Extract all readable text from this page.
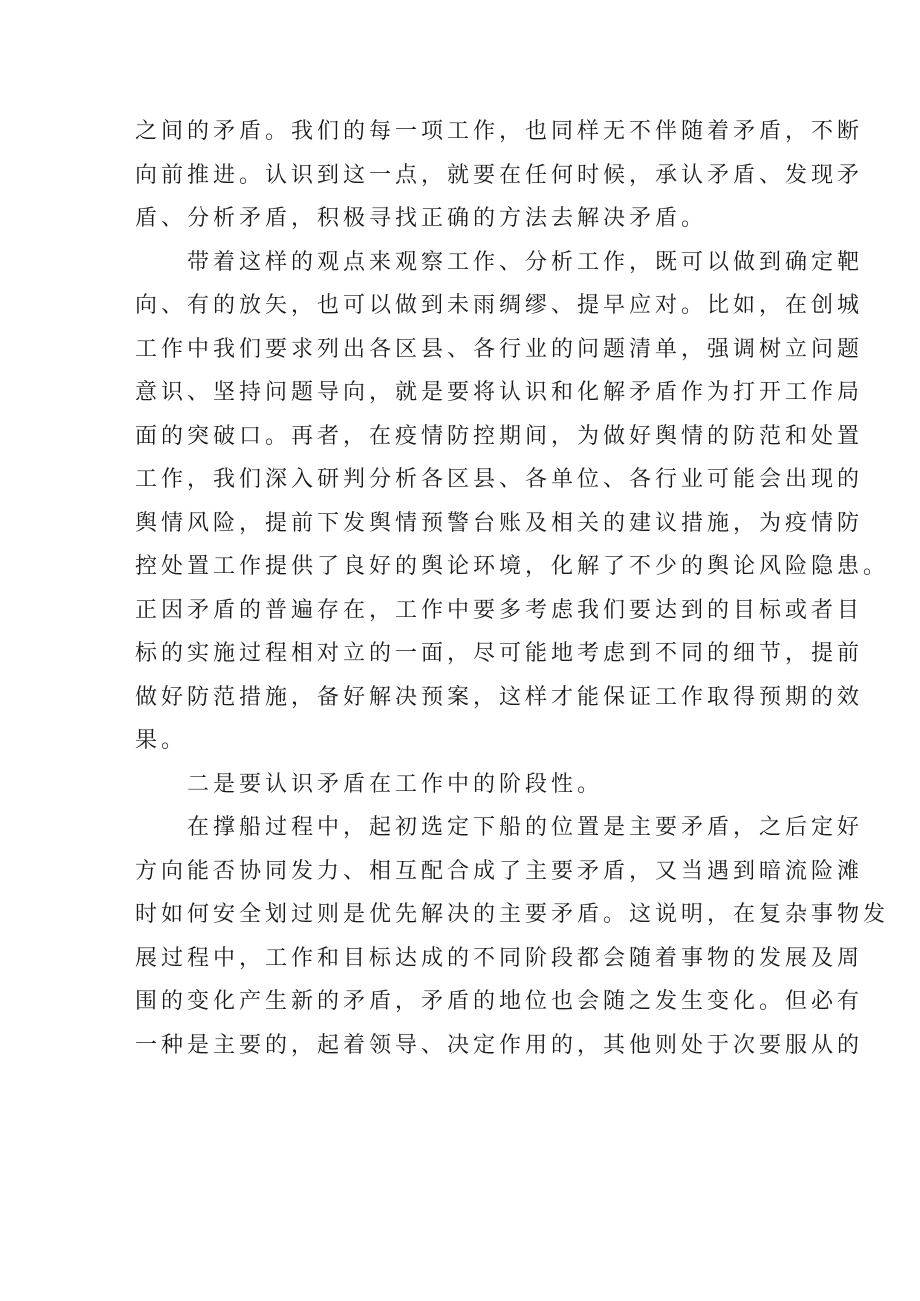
之间的矛盾。我们的每一项工作，也同样无不伴随着矛盾，不断
向前推进。认识到这一点，就要在任何时候，承认矛盾、发现矛
盾、分析矛盾，积极寻找正确的方法去解决矛盾。
　　带着这样的观点来观察工作、分析工作，既可以做到确定靶
向、有的放矢，也可以做到未雨绸缪、提早应对。比如，在创城
工作中我们要求列出各区县、各行业的问题清单，强调树立问题
意识、坚持问题导向，就是要将认识和化解矛盾作为打开工作局
面的突破口。再者，在疫情防控期间，为做好舆情的防范和处置
工作，我们深入研判分析各区县、各单位、各行业可能会出现的
舆情风险，提前下发舆情预警台账及相关的建议措施，为疫情防
控处置工作提供了良好的舆论环境，化解了不少的舆论风险隐患。
正因矛盾的普遍存在，工作中要多考虑我们要达到的目标或者目
标的实施过程相对立的一面，尽可能地考虑到不同的细节，提前
做好防范措施，备好解决预案，这样才能保证工作取得预期的效
果。
　　二是要认识矛盾在工作中的阶段性。
　　在撑船过程中，起初选定下船的位置是主要矛盾，之后定好
方向能否协同发力、相互配合成了主要矛盾，又当遇到暗流险滩
时如何安全划过则是优先解决的主要矛盾。这说明，在复杂事物发
展过程中，工作和目标达成的不同阶段都会随着事物的发展及周
围的变化产生新的矛盾，矛盾的地位也会随之发生变化。但必有
一种是主要的，起着领导、决定作用的，其他则处于次要服从的
